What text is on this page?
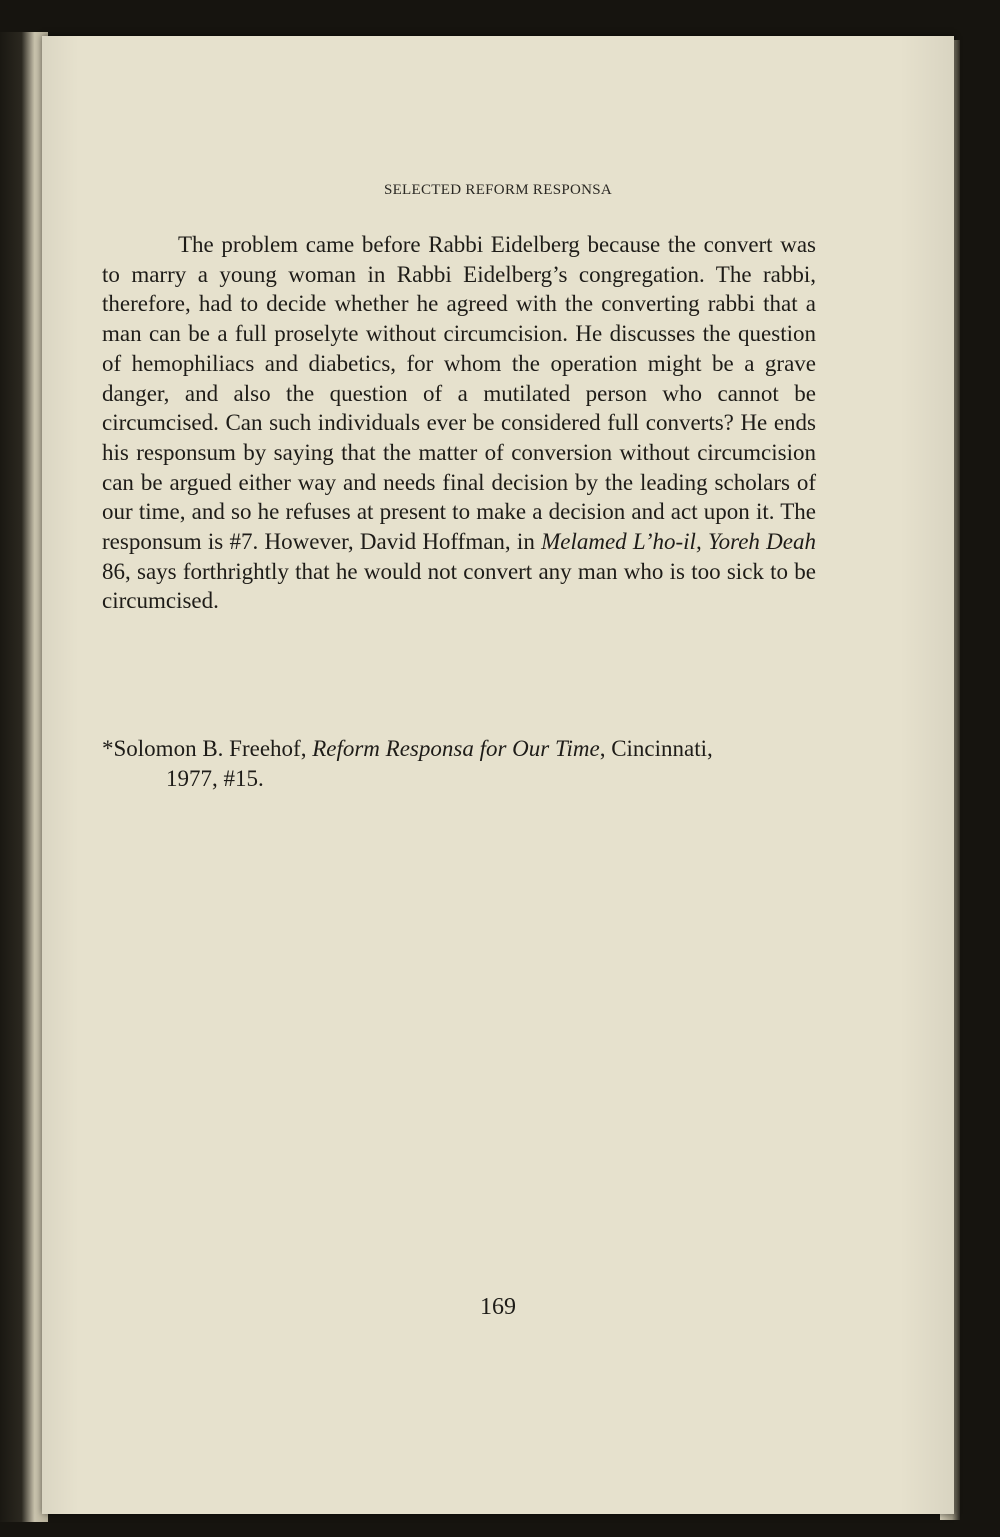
SELECTED REFORM RESPONSA

The problem came before Rabbi Eidelberg because the convert was to marry a young woman in Rabbi Eidelberg’s congregation. The rabbi, therefore, had to decide whether he agreed with the converting rabbi that a man can be a full proselyte without circumcision. He discusses the question of hemophiliacs and diabetics, for whom the operation might be a grave danger, and also the question of a mutilated person who cannot be circumcised. Can such individuals ever be considered full converts? He ends his responsum by saying that the matter of conversion without circumcision can be argued either way and needs final decision by the leading scholars of our time, and so he refuses at present to make a decision and act upon it. The responsum is #7. However, David Hoffman, in Melamed L’ho-il, Yoreh Deah 86, says forthrightly that he would not convert any man who is too sick to be circumcised.

*Solomon B. Freehof, Reform Responsa for Our Time, Cincinnati,
1977, #15.
169
